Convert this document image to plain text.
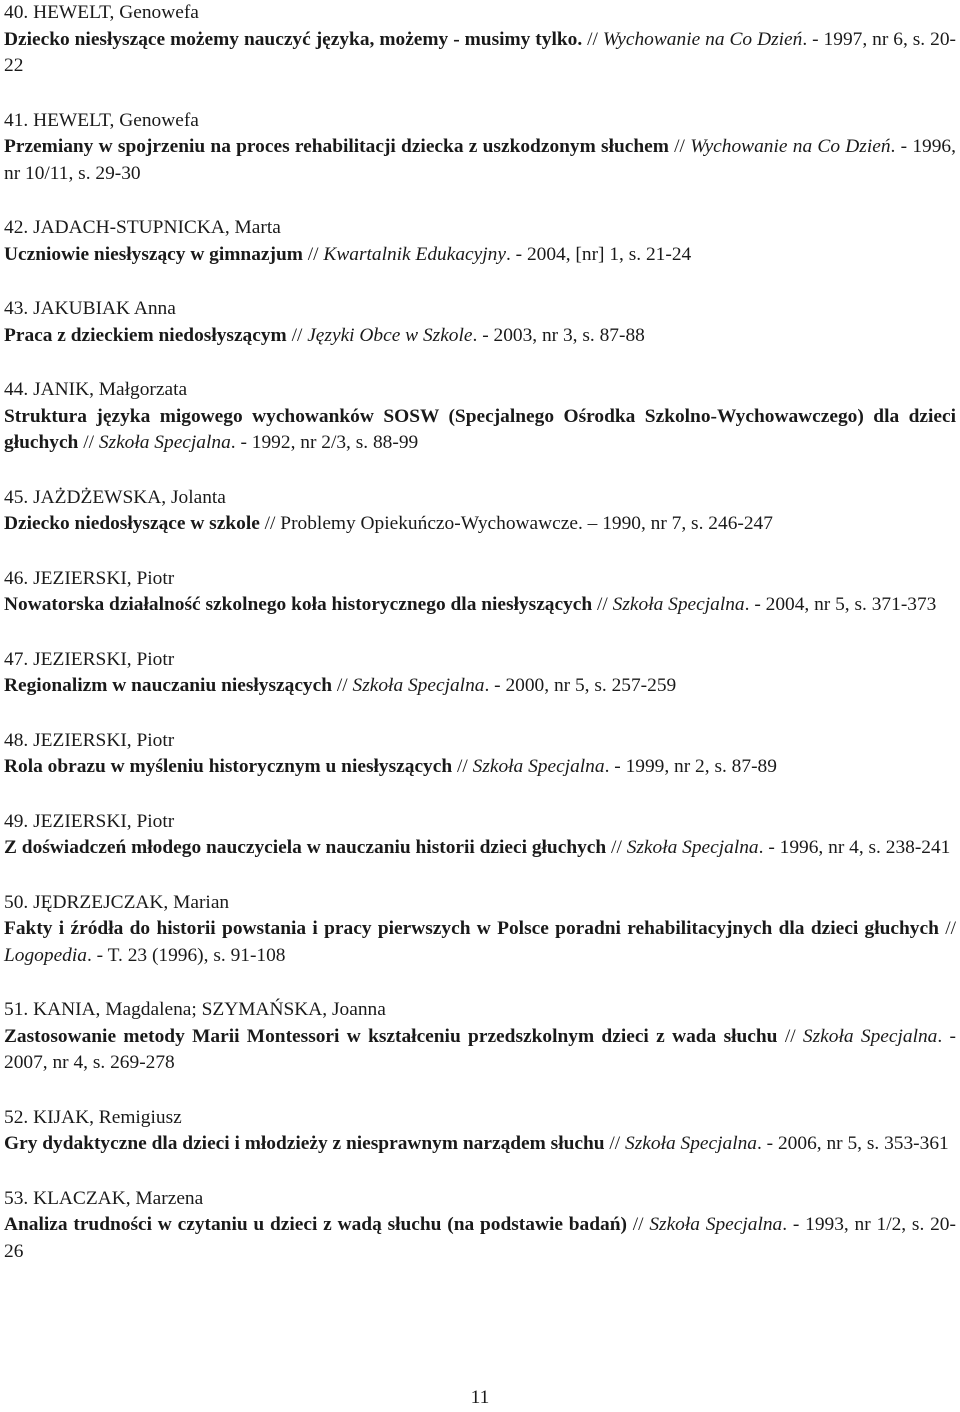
40. HEWELT, Genowefa
Dziecko niesłyszące możemy nauczyć języka, możemy - musimy tylko. // Wychowanie na Co Dzień. - 1997, nr 6, s. 20-22
41. HEWELT, Genowefa
Przemiany w spojrzeniu na proces rehabilitacji dziecka z uszkodzonym słuchem // Wychowanie na Co Dzień. - 1996, nr 10/11, s. 29-30
42. JADACH-STUPNICKA, Marta
Uczniowie niesłyszący w gimnazjum // Kwartalnik Edukacyjny. - 2004, [nr] 1, s. 21-24
43. JAKUBIAK Anna
Praca z dzieckiem niedosłyszącym // Języki Obce w Szkole. - 2003, nr 3, s. 87-88
44. JANIK, Małgorzata
Struktura języka migowego wychowanków SOSW (Specjalnego Ośrodka Szkolno-Wychowawczego) dla dzieci głuchych // Szkoła Specjalna. - 1992, nr 2/3, s. 88-99
45. JAŻDŻEWSKA, Jolanta
Dziecko niedosłyszące w szkole // Problemy Opiekuńczo-Wychowawcze. – 1990, nr 7, s. 246-247
46. JEZIERSKI, Piotr
Nowatorska działalność szkolnego koła historycznego dla niesłyszących // Szkoła Specjalna. - 2004, nr 5, s. 371-373
47. JEZIERSKI, Piotr
Regionalizm w nauczaniu niesłyszących // Szkoła Specjalna. - 2000, nr 5, s. 257-259
48. JEZIERSKI, Piotr
Rola obrazu w myśleniu historycznym u niesłyszących // Szkoła Specjalna. - 1999, nr 2, s. 87-89
49. JEZIERSKI, Piotr
Z doświadczeń młodego nauczyciela w nauczaniu historii dzieci głuchych // Szkoła Specjalna. - 1996, nr 4, s. 238-241
50. JĘDRZEJCZAK, Marian
Fakty i źródła do historii powstania i pracy pierwszych w Polsce poradni rehabilitacyjnych dla dzieci głuchych // Logopedia. - T. 23 (1996), s. 91-108
51. KANIA, Magdalena; SZYMAŃSKA, Joanna
Zastosowanie metody Marii Montessori w kształceniu przedszkolnym dzieci z wada słuchu // Szkoła Specjalna. - 2007, nr 4, s. 269-278
52. KIJAK, Remigiusz
Gry dydaktyczne dla dzieci i młodzieży z niesprawnym narządem słuchu // Szkoła Specjalna. - 2006, nr 5, s. 353-361
53. KLACZAK, Marzena
Analiza trudności w czytaniu u dzieci z wadą słuchu (na podstawie badań) // Szkoła Specjalna. - 1993, nr 1/2, s. 20-26
11
